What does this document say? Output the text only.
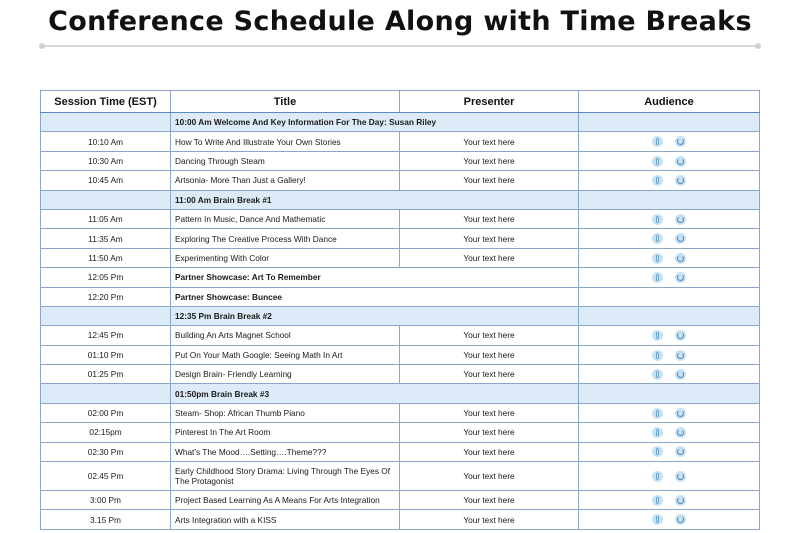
Conference Schedule Along with Time Breaks
Session Time (EST)	Title	Presenter	Audience
	10:00 Am Welcome And Key Information For The Day: Susan Riley		
10:10 Am	How To Write And Illustrate Your Own Stories	Your text here	
10:30 Am	Dancing Through Steam	Your text here	
10:45 Am	Artsonia- More Than Just a Gallery!	Your text here	
	11:00 Am Brain Break #1		
11:05 Am	Pattern In Music, Dance And Mathematic	Your text here	
11:35 Am	Exploring The Creative Process With Dance	Your text here	
11:50 Am	Experimenting With Color	Your text here	
12:05 Pm	Partner Showcase: Art To Remember		
12:20 Pm	Partner Showcase: Buncee		
	12:35 Pm Brain Break #2		
12:45 Pm	Building An Arts Magnet School	Your text here	
01:10 Pm	Put On Your Math Google: Seeing Math In Art	Your text here	
01:25 Pm	Design Brain- Friendly Learning	Your text here	
	01:50pm Brain Break #3		
02:00 Pm	Steam- Shop: African Thumb Piano	Your text here	
02:15pm	Pinterest In The Art Room	Your text here	
02:30 Pm	What's The Mood….Setting….Theme???	Your text here	
02.45 Pm	Early Childhood Story Drama: Living Through The Eyes Of The Protagonist	Your text here	
3:00 Pm	Project Based Learning As A Means For Arts Integration	Your text here	
3.15 Pm	Arts Integration with a KISS	Your text here	
